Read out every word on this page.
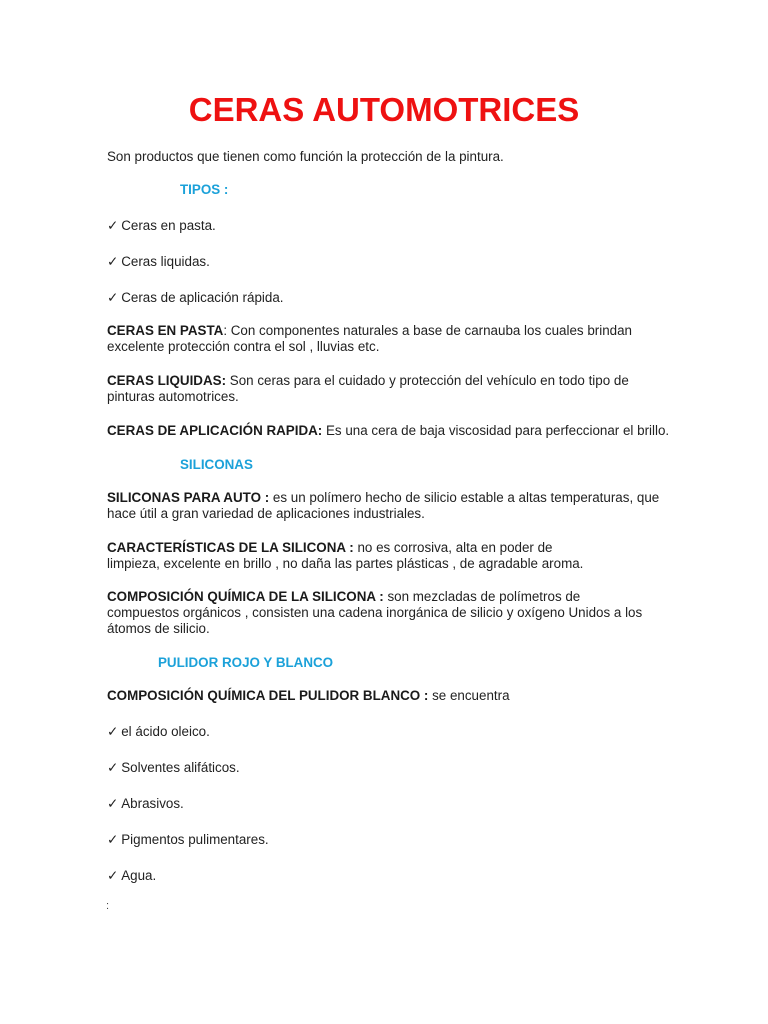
CERAS AUTOMOTRICES
Son productos que tienen como función la protección de la pintura.
TIPOS :
✓ Ceras en pasta.
✓ Ceras liquidas.
✓ Ceras de aplicación rápida.
CERAS EN PASTA: Con componentes naturales a base de carnauba los cuales brindan excelente protección contra el sol , lluvias etc.
CERAS LIQUIDAS: Son ceras para el cuidado y protección del vehículo en todo tipo de pinturas automotrices.
CERAS DE APLICACIÓN RAPIDA: Es una cera de baja viscosidad para perfeccionar el brillo.
SILICONAS
SILICONAS PARA AUTO : es un polímero hecho de silicio estable a altas temperaturas, que hace útil a gran variedad de aplicaciones industriales.
CARACTERÍSTICAS DE LA SILICONA : no es corrosiva, alta en poder de limpieza, excelente en brillo , no daña las partes plásticas , de agradable aroma.
COMPOSICIÓN QUÍMICA DE LA SILICONA : son mezcladas de polímetros de compuestos orgánicos , consisten una cadena inorgánica de silicio y oxígeno Unidos a los átomos de silicio.
PULIDOR ROJO Y BLANCO
COMPOSICIÓN QUÍMICA DEL PULIDOR BLANCO : se encuentra
✓ el ácido oleico.
✓ Solventes alifáticos.
✓ Abrasivos.
✓ Pigmentos pulimentares.
✓ Agua.
:
